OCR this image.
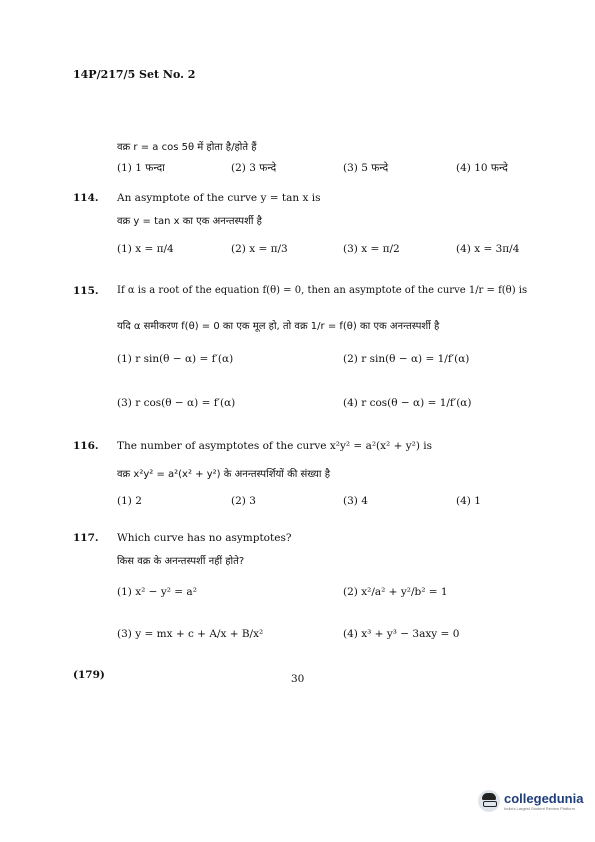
14P/217/5 Set No. 2
वक्र r = a cos 5θ में होता है/होते हैं
(1) 1 फन्दा	(2) 3 फन्दे	(3) 5 फन्दे	(4) 10 फन्दे
114. An asymptote of the curve y = tan x is
वक्र y = tan x का एक अनन्तस्पर्शी है
(1) x = π/4	(2) x = π/3	(3) x = π/2	(4) x = 3π/4
115. If α is a root of the equation f(θ) = 0, then an asymptote of the curve 1/r = f(θ) is
यदि α समीकरण f(θ) = 0 का एक मूल हो, तो वक्र 1/r = f(θ) का एक अनन्तस्पर्शी है
(1) r sin(θ − α) = f′(α)	(2) r sin(θ − α) = 1/f′(α)
(3) r cos(θ − α) = f′(α)	(4) r cos(θ − α) = 1/f′(α)
116. The number of asymptotes of the curve x²y² = a²(x² + y²) is
वक्र x²y² = a²(x² + y²) के अनन्तस्पर्शियों की संख्या है
(1) 2	(2) 3	(3) 4	(4) 1
117. Which curve has no asymptotes?
किस वक्र के अनन्तस्पर्शी नहीं होते?
(1) x² − y² = a²	(2) x²/a² + y²/b² = 1
(3) y = mx + c + A/x + B/x²	(4) x³ + y³ − 3axy = 0
(179)	30
collegedunia
India's Largest Student Review Platform
